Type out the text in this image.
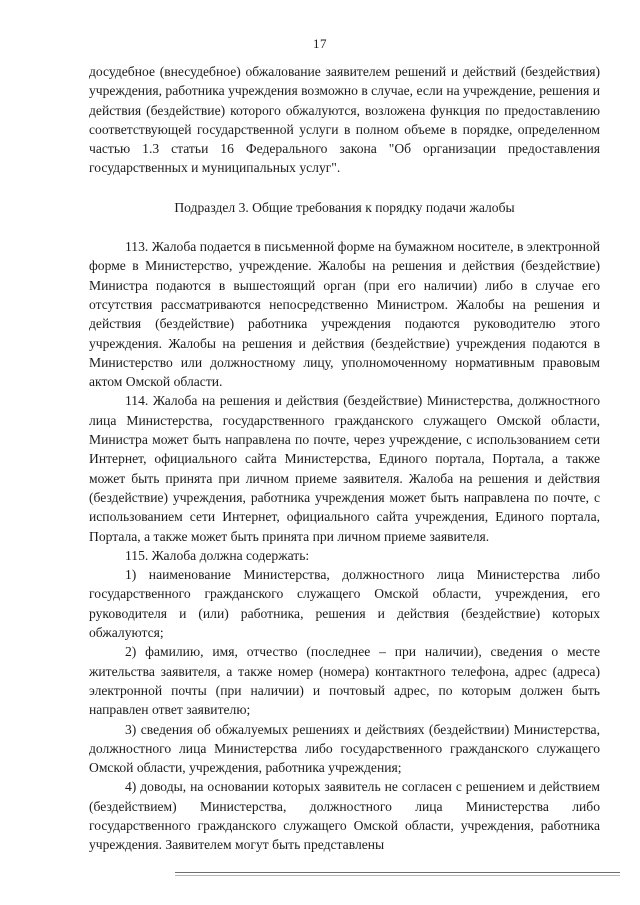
17

досудебное (внесудебное) обжалование заявителем решений и действий (бездействия) учреждения, работника учреждения возможно в случае, если на учреждение, решения и действия (бездействие) которого обжалуются, возложена функция по предоставлению соответствующей государственной услуги в полном объеме в порядке, определенном частью 1.3 статьи 16 Федерального закона "Об организации предоставления государственных и муниципальных услуг".

Подраздел 3. Общие требования к порядку подачи жалобы

113. Жалоба подается в письменной форме на бумажном носителе, в электронной форме в Министерство, учреждение. Жалобы на решения и действия (бездействие) Министра подаются в вышестоящий орган (при его наличии) либо в случае его отсутствия рассматриваются непосредственно Министром. Жалобы на решения и действия (бездействие) работника учреждения подаются руководителю этого учреждения. Жалобы на решения и действия (бездействие) учреждения подаются в Министерство или должностному лицу, уполномоченному нормативным правовым актом Омской области.

114. Жалоба на решения и действия (бездействие) Министерства, должностного лица Министерства, государственного гражданского служащего Омской области, Министра может быть направлена по почте, через учреждение, с использованием сети Интернет, официального сайта Министерства, Единого портала, Портала, а также может быть принята при личном приеме заявителя. Жалоба на решения и действия (бездействие) учреждения, работника учреждения может быть направлена по почте, с использованием сети Интернет, официального сайта учреждения, Единого портала, Портала, а также может быть принята при личном приеме заявителя.

115. Жалоба должна содержать:

1) наименование Министерства, должностного лица Министерства либо государственного гражданского служащего Омской области, учреждения, его руководителя и (или) работника, решения и действия (бездействие) которых обжалуются;

2) фамилию, имя, отчество (последнее – при наличии), сведения о месте жительства заявителя, а также номер (номера) контактного телефона, адрес (адреса) электронной почты (при наличии) и почтовый адрес, по которым должен быть направлен ответ заявителю;

3) сведения об обжалуемых решениях и действиях (бездействии) Министерства, должностного лица Министерства либо государственного гражданского служащего Омской области, учреждения, работника учреждения;

4) доводы, на основании которых заявитель не согласен с решением и действием (бездействием) Министерства, должностного лица Министерства либо государственного гражданского служащего Омской области, учреждения, работника учреждения. Заявителем могут быть представлены
